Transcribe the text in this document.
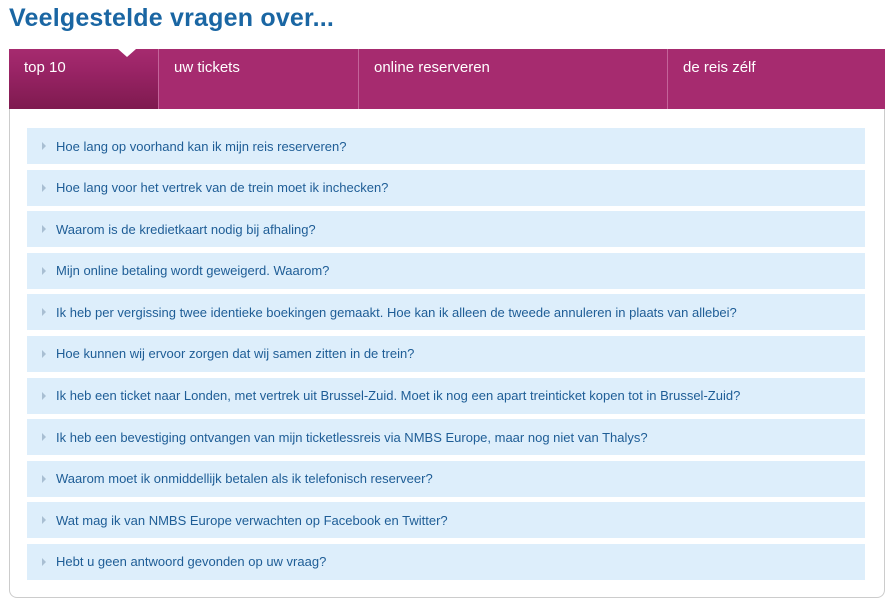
Veelgestelde vragen over...
top 10	uw tickets	online reserveren	de reis zélf
Hoe lang op voorhand kan ik mijn reis reserveren?
Hoe lang voor het vertrek van de trein moet ik inchecken?
Waarom is de kredietkaart nodig bij afhaling?
Mijn online betaling wordt geweigerd. Waarom?
Ik heb per vergissing twee identieke boekingen gemaakt. Hoe kan ik alleen de tweede annuleren in plaats van allebei?
Hoe kunnen wij ervoor zorgen dat wij samen zitten in de trein?
Ik heb een ticket naar Londen, met vertrek uit Brussel-Zuid. Moet ik nog een apart treinticket kopen tot in Brussel-Zuid?
Ik heb een bevestiging ontvangen van mijn ticketlessreis via NMBS Europe, maar nog niet van Thalys?
Waarom moet ik onmiddellijk betalen als ik telefonisch reserveer?
Wat mag ik van NMBS Europe verwachten op Facebook en Twitter?
Hebt u geen antwoord gevonden op uw vraag?
